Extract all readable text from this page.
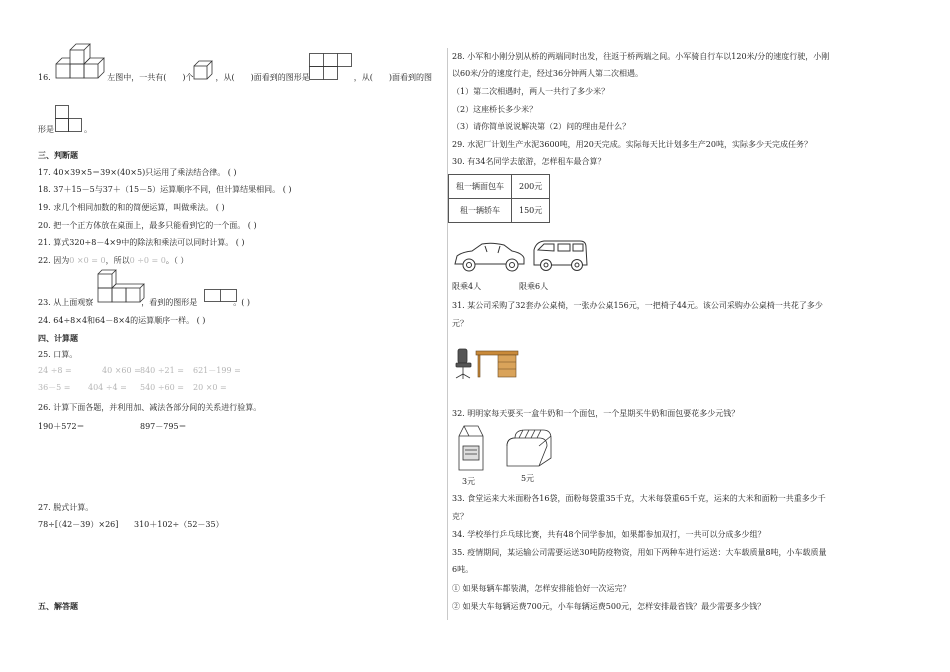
16.	左图中，一共有( )个	，从( )面看到的图形是	，从( )面看到的图
形是	。
三、判断题
17. 40×39×5＝39×(40×5)只运用了乘法结合律。 ( )
18. 37＋15－5与37＋（15－5）运算顺序不同，但计算结果相同。 ( )
19. 求几个相同加数的和的简便运算，叫做乘法。 ( )
20. 把一个正方体放在桌面上，最多只能看到它的一个面。 ( )
21. 算式320÷8－4×9中的除法和乘法可以同时计算。 ( )
22. 因为0 ×0 = 0，所以0 ÷0 = 0。（ ）
23. 从上面观察	，看到的图形是	。( )
24. 64÷8×4和64－8×4的运算顺序一样。 ( )
四、计算题
25. 口算。
24 ÷8 =	40 ×60 = 840 ÷21 = 621－199 =
36－5 = 404 ÷4 = 540 ÷60 = 20 ×0 =
26. 计算下面各题，并利用加、减法各部分间的关系进行验算。
190＋572＝	897－795＝
27. 脱式计算。
78÷[（42－39）×26] 310＋102÷（52－35）
五、解答题
28. 小军和小刚分别从桥的两端同时出发，往返于桥两端之间。小军骑自行车以120米/分的速度行驶，小刚
以60米/分的速度行走，经过36分钟两人第二次相遇。
（1）第二次相遇时，两人一共行了多少米？
（2）这座桥长多少米？
（3）请你简单说说解决第（2）问的理由是什么？
29. 水泥厂计划生产水泥3600吨，用20天完成。实际每天比计划多生产20吨，实际多少天完成任务？
30. 有34名同学去旅游，怎样租车最合算？
租一辆面包车	200元
租一辆轿车	150元
限乘4人	限乘6人
31. 某公司采购了32套办公桌椅，一张办公桌156元，一把椅子44元。该公司采购办公桌椅一共花了多少
元？
32. 明明家每天要买一盒牛奶和一个面包，一个星期买牛奶和面包要花多少元钱？
3元	5元
33. 食堂运来大米面粉各16袋，面粉每袋重35千克，大米每袋重65千克，运来的大米和面粉一共重多少千
克？
34. 学校举行乒乓球比赛，共有48个同学参加，如果都参加双打，一共可以分成多少组？
35. 疫情期间，某运输公司需要运送30吨防疫物资，用如下两种车进行运送：大车载质量8吨，小车载质量
6吨。
① 如果每辆车都装满，怎样安排能恰好一次运完？
② 如果大车每辆运费700元，小车每辆运费500元，怎样安排最省钱？最少需要多少钱？
